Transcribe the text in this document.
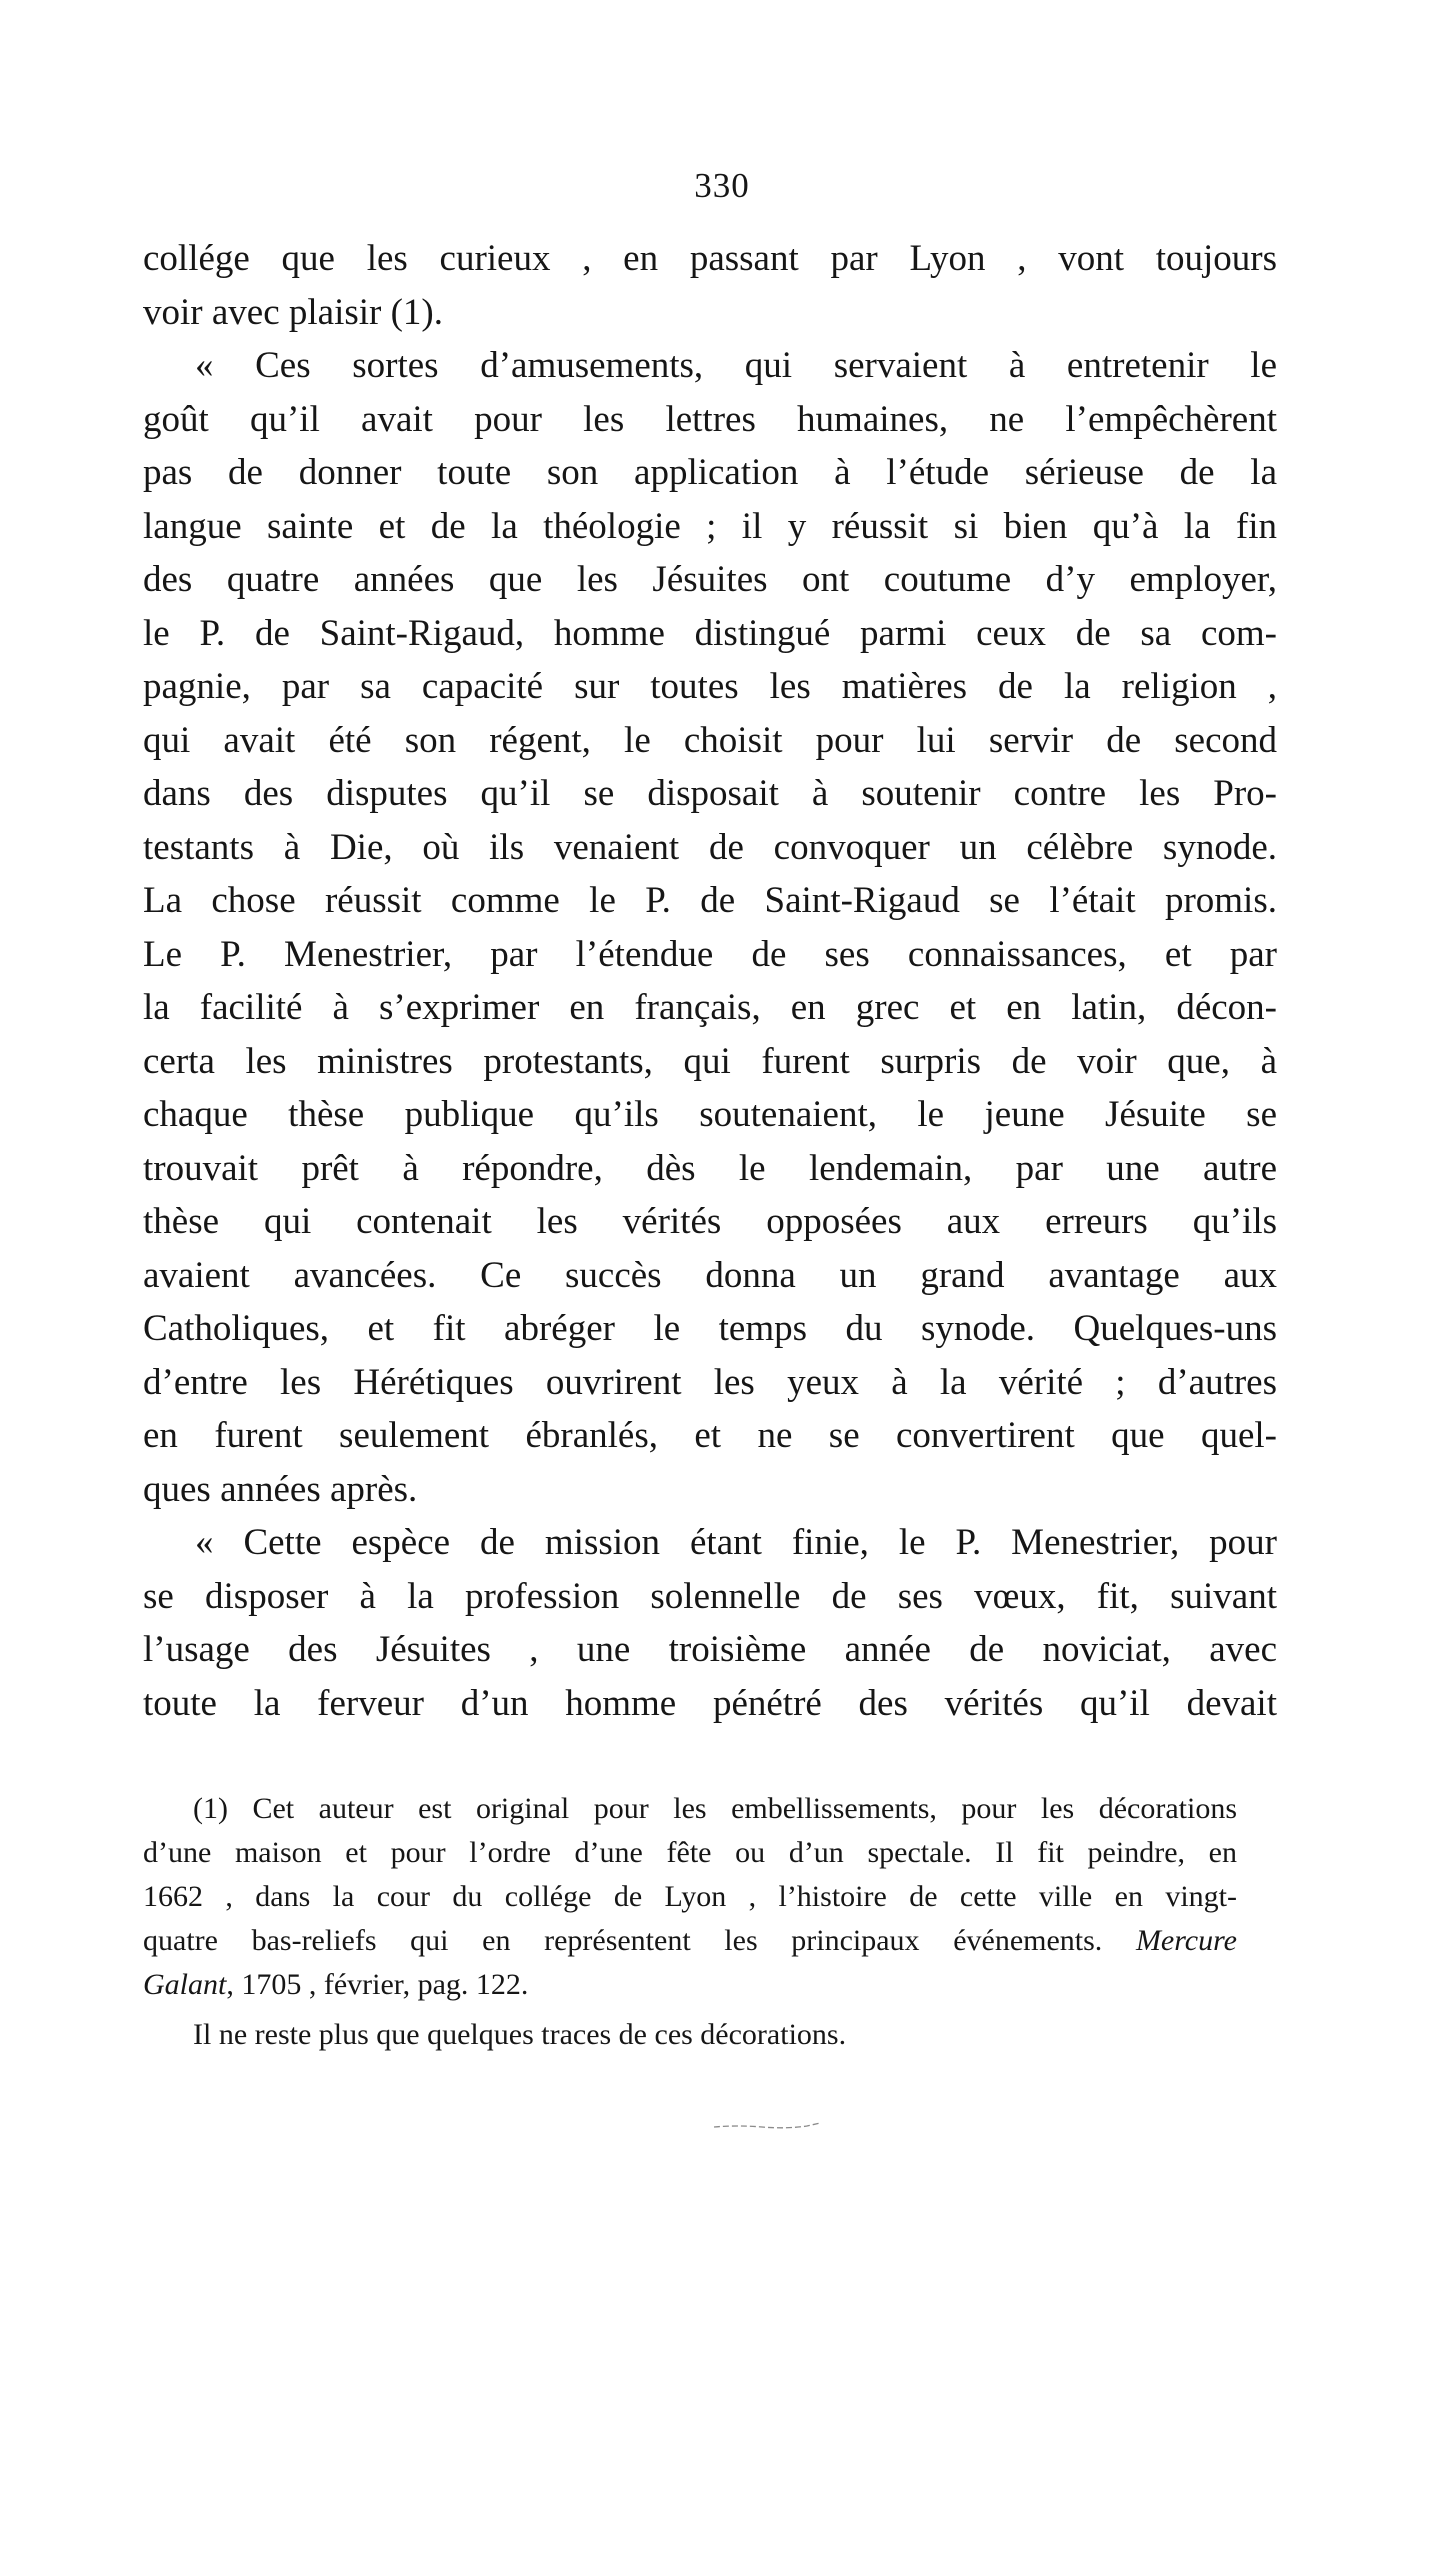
330
collége que les curieux , en passant par Lyon , vont toujours
voir avec plaisir (1).
« Ces sortes d’amusements, qui servaient à entretenir le
goût qu’il avait pour les lettres humaines, ne l’empêchèrent
pas de donner toute son application à l’étude sérieuse de la
langue sainte et de la théologie ; il y réussit si bien qu’à la fin
des quatre années que les Jésuites ont coutume d’y employer,
le P. de Saint-Rigaud, homme distingué parmi ceux de sa com-
pagnie, par sa capacité sur toutes les matières de la religion ,
qui avait été son régent, le choisit pour lui servir de second
dans des disputes qu’il se disposait à soutenir contre les Pro-
testants à Die, où ils venaient de convoquer un célèbre synode.
La chose réussit comme le P. de Saint-Rigaud se l’était promis.
Le P. Menestrier, par l’étendue de ses connaissances, et par
la facilité à s’exprimer en français, en grec et en latin, décon-
certa les ministres protestants, qui furent surpris de voir que, à
chaque thèse publique qu’ils soutenaient, le jeune Jésuite se
trouvait prêt à répondre, dès le lendemain, par une autre
thèse qui contenait les vérités opposées aux erreurs qu’ils
avaient avancées. Ce succès donna un grand avantage aux
Catholiques, et fit abréger le temps du synode. Quelques-uns
d’entre les Hérétiques ouvrirent les yeux à la vérité ; d’autres
en furent seulement ébranlés, et ne se convertirent que quel-
ques années après.
« Cette espèce de mission étant finie, le P. Menestrier, pour
se disposer à la profession solennelle de ses vœux, fit, suivant
l’usage des Jésuites , une troisième année de noviciat, avec
toute la ferveur d’un homme pénétré des vérités qu’il devait
(1) Cet auteur est original pour les embellissements, pour les décorations
d’une maison et pour l’ordre d’une fête ou d’un spectale. Il fit peindre, en
1662 , dans la cour du collége de Lyon , l’histoire de cette ville en vingt-
quatre bas-reliefs qui en représentent les principaux événements. Mercure
Galant, 1705 , février, pag. 122.
Il ne reste plus que quelques traces de ces décorations.
